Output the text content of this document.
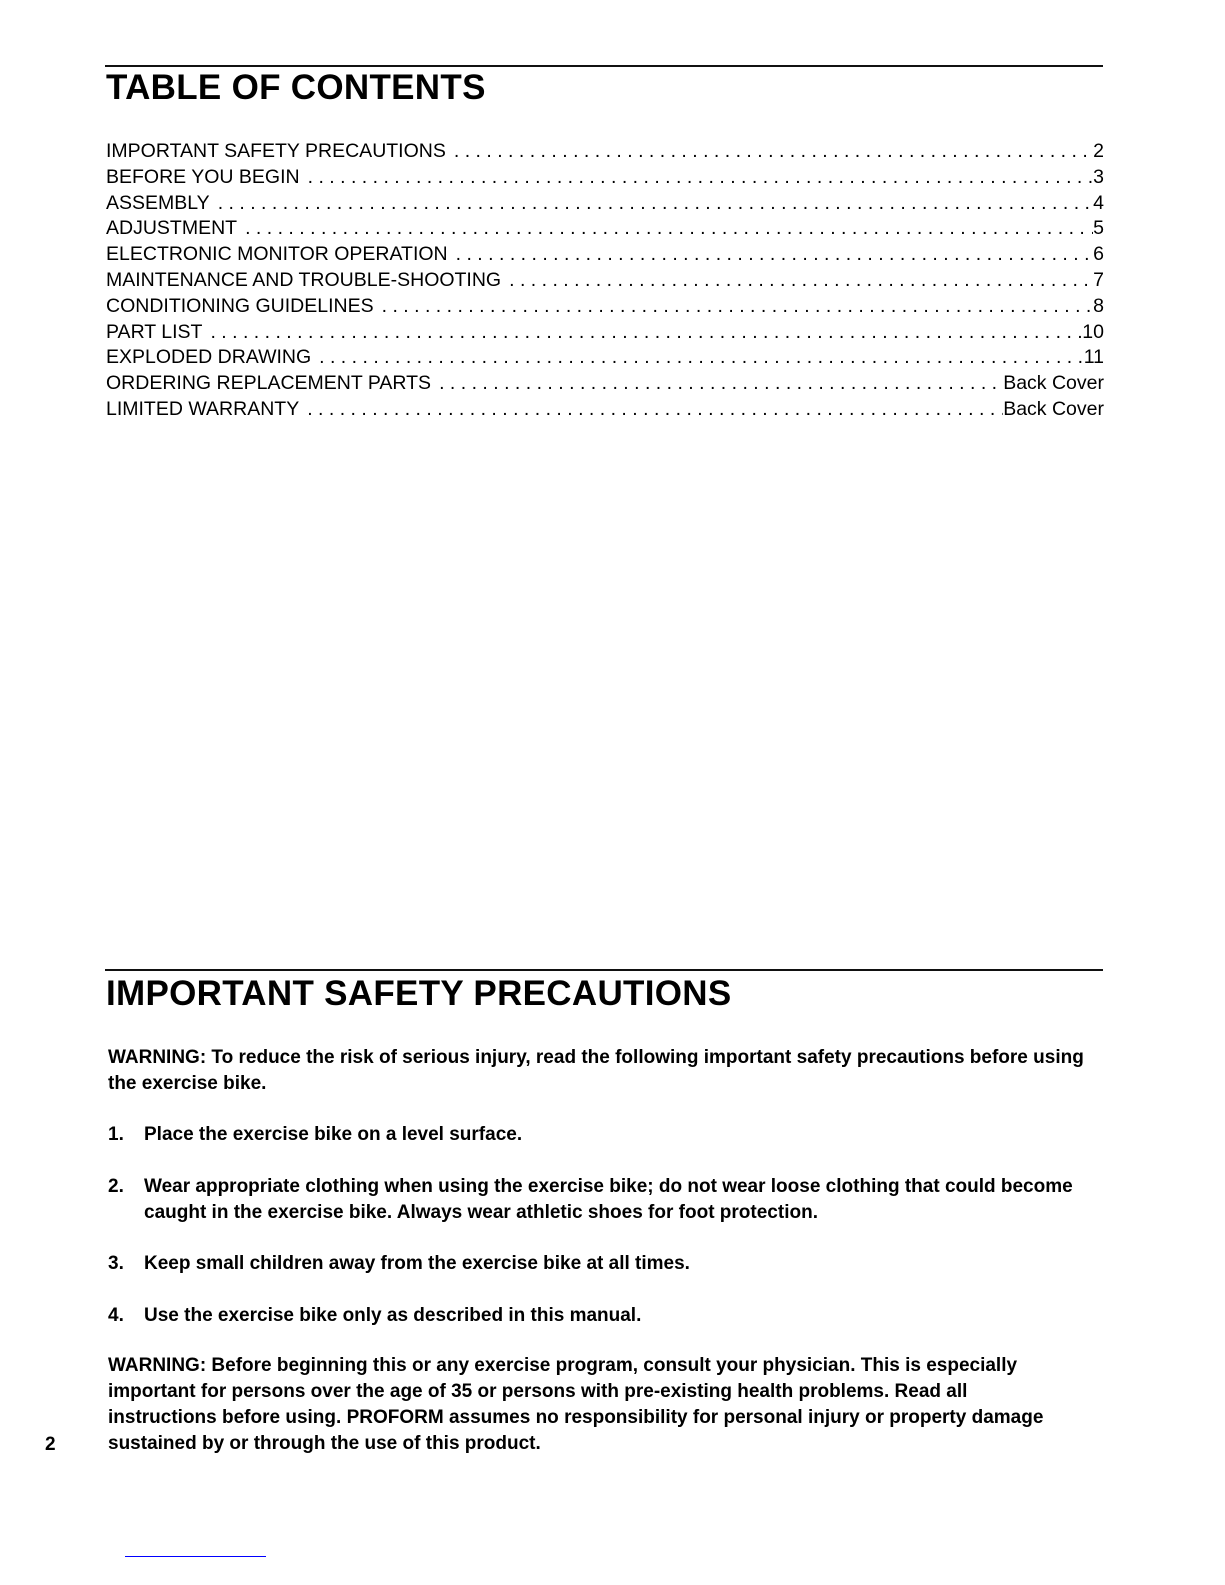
TABLE OF CONTENTS
IMPORTANT SAFETY PRECAUTIONS . . .	2
BEFORE YOU BEGIN . . .	3
ASSEMBLY . . .	4
ADJUSTMENT . . .	5
ELECTRONIC MONITOR OPERATION . . .	6
MAINTENANCE AND TROUBLE-SHOOTING . . .	7
CONDITIONING GUIDELINES . . .	8
PART LIST . . .	10
EXPLODED DRAWING . . .	11
ORDERING REPLACEMENT PARTS . . .	Back Cover
LIMITED WARRANTY . . .	Back Cover
IMPORTANT SAFETY PRECAUTIONS
WARNING: To reduce the risk of serious injury, read the following important safety precautions before using the exercise bike.
1.	Place the exercise bike on a level surface.
2.	Wear appropriate clothing when using the exercise bike; do not wear loose clothing that could become caught in the exercise bike. Always wear athletic shoes for foot protection.
3.	Keep small children away from the exercise bike at all times.
4.	Use the exercise bike only as described in this manual.
WARNING: Before beginning this or any exercise program, consult your physician. This is especially important for persons over the age of 35 or persons with pre-existing health problems. Read all instructions before using. PROFORM assumes no responsibility for personal injury or property damage sustained by or through the use of this product.
2
